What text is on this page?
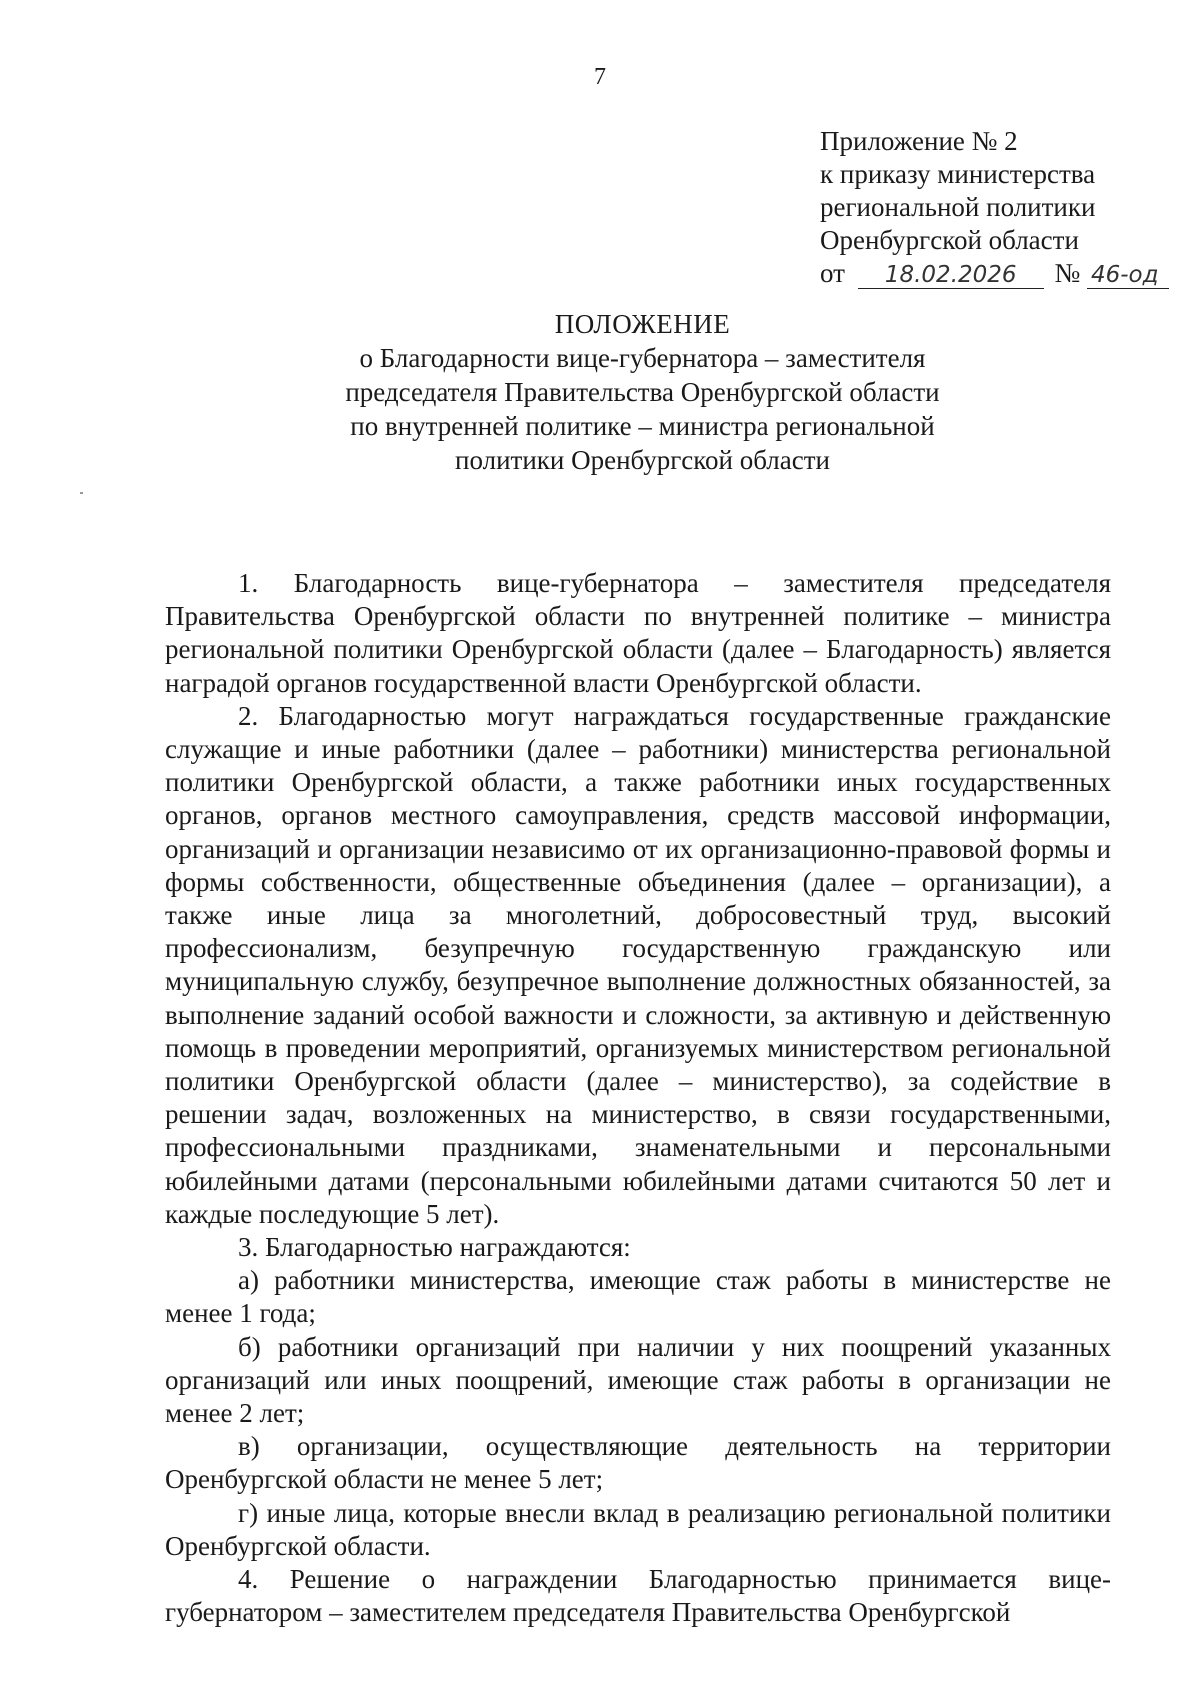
7
Приложение № 2
к приказу министерства
региональной политики
Оренбургской области
от 18.02.2026 № 46-од
ПОЛОЖЕНИЕ
о Благодарности вице-губернатора – заместителя
председателя Правительства Оренбургской области
по внутренней политике – министра региональной
политики Оренбургской области

1. Благодарность вице-губернатора – заместителя председателя Правительства Оренбургской области по внутренней политике – министра региональной политики Оренбургской области (далее – Благодарность) является наградой органов государственной власти Оренбургской области.

2. Благодарностью могут награждаться государственные гражданские служащие и иные работники (далее – работники) министерства региональной политики Оренбургской области, а также работники иных государственных органов, органов местного самоуправления, средств массовой информации, организаций и организации независимо от их организационно-правовой формы и формы собственности, общественные объединения (далее – организации), а также иные лица за многолетний, добросовестный труд, высокий профессионализм, безупречную государственную гражданскую или муниципальную службу, безупречное выполнение должностных обязанностей, за выполнение заданий особой важности и сложности, за активную и действенную помощь в проведении мероприятий, организуемых министерством региональной политики Оренбургской области (далее – министерство), за содействие в решении задач, возложенных на министерство, в связи государственными, профессиональными праздниками, знаменательными и персональными юбилейными датами (персональными юбилейными датами считаются 50 лет и каждые последующие 5 лет).

3. Благодарностью награждаются:

а) работники министерства, имеющие стаж работы в министерстве не менее 1 года;

б) работники организаций при наличии у них поощрений указанных организаций или иных поощрений, имеющие стаж работы в организации не менее 2 лет;

в) организации, осуществляющие деятельность на территории Оренбургской области не менее 5 лет;

г) иные лица, которые внесли вклад в реализацию региональной политики Оренбургской области.

4. Решение о награждении Благодарностью принимается вице-губернатором – заместителем председателя Правительства Оренбургской
